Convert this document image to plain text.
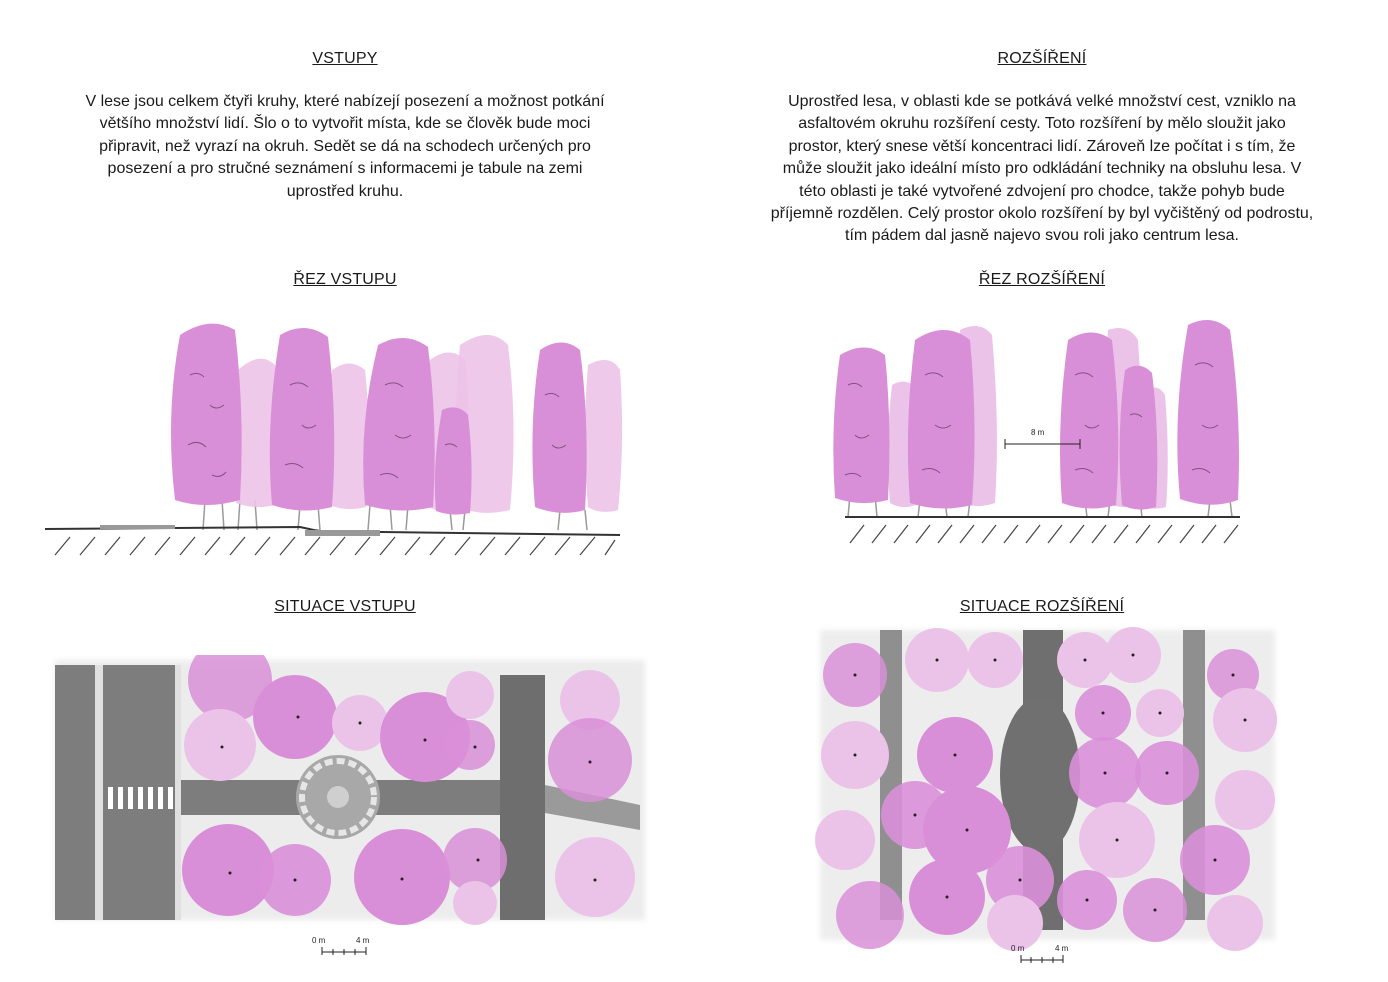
VSTUPY
V lese jsou celkem čtyři kruhy, které nabízejí posezení a možnost potkání většího množství lidí. Šlo o to vytvořit místa, kde se člověk bude moci připravit, než vyrazí na okruh. Sedět se dá na schodech určených pro posezení a pro stručné seznámení s informacemi je tabule na zemi uprostřed kruhu.
ŘEZ VSTUPU
SITUACE VSTUPU
ROZŠÍŘENÍ
Uprostřed lesa, v oblasti kde se potkává velké množství cest, vzniklo na asfaltovém okruhu rozšíření cesty. Toto rozšíření by mělo sloužit jako prostor, který snese větší koncentraci lidí. Zároveň lze počítat i s tím, že může sloužit jako ideální místo pro odkládání techniky na obsluhu lesa. V této oblasti je také vytvořené zdvojení pro chodce, takže pohyb bude příjemně rozdělen. Celý prostor okolo rozšíření by byl vyčištěný od podrostu, tím pádem dal jasně najevo svou roli jako centrum lesa.
ŘEZ ROZŠÍŘENÍ
SITUACE ROZŠÍŘENÍ
8 m
0 m	4 m
0 m	4 m
